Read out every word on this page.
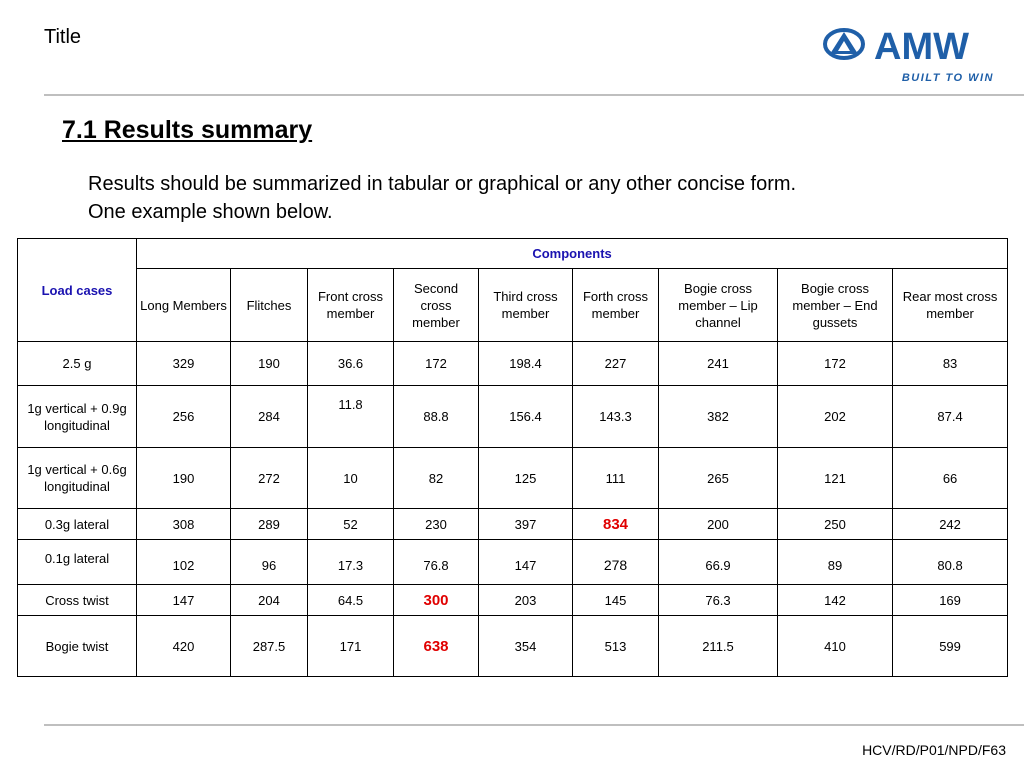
Title	AMW
BUILT TO WIN
7.1 Results summary
Results should be summarized in tabular or graphical or any other concise form.
One example shown below.
Load cases	Components								
	Long Members	Flitches	Front cross member	Second cross member	Third cross member	Forth cross member	Bogie cross member – Lip channel	Bogie cross member – End gussets	Rear most cross member
2.5 g	329	190	36.6	172	198.4	227	241	172	83
1g vertical + 0.9g longitudinal	256	284	11.8	88.8	156.4	143.3	382	202	87.4
1g vertical + 0.6g longitudinal	190	272	10	82	125	111	265	121	66
0.3g lateral	308	289	52	230	397	834	200	250	242
0.1g lateral	102	96	17.3	76.8	147	278	66.9	89	80.8
Cross twist	147	204	64.5	300	203	145	76.3	142	169
Bogie twist	420	287.5	171	638	354	513	211.5	410	599
HCV/RD/P01/NPD/F63
